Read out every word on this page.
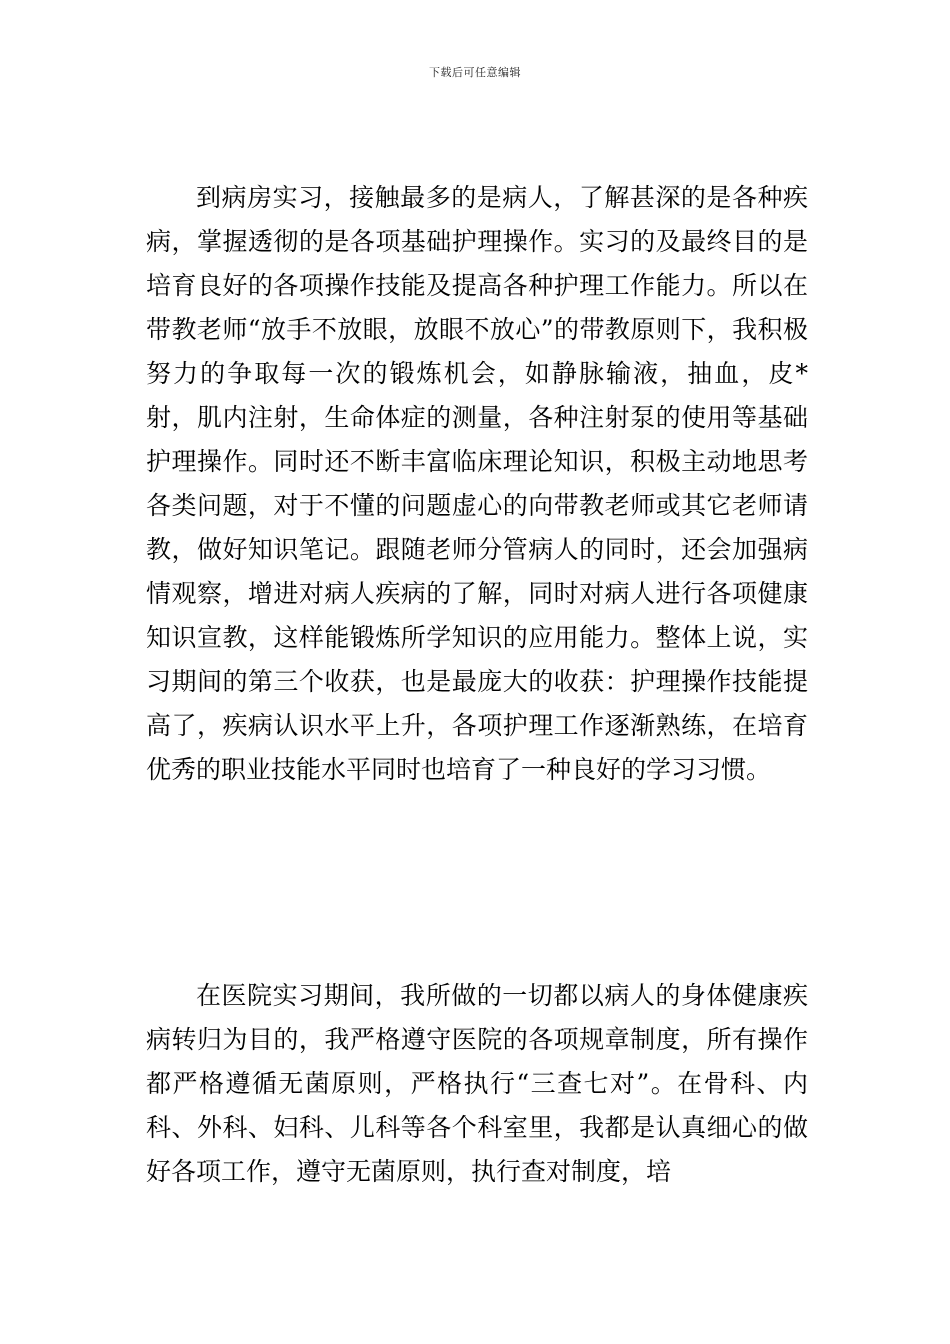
下载后可任意编辑

到病房实习，接触最多的是病人，了解甚深的是各种疾病，掌握透彻的是各项基础护理操作。实习的及最终目的是培育良好的各项操作技能及提高各种护理工作能力。所以在带教老师“放手不放眼，放眼不放心”的带教原则下，我积极努力的争取每一次的锻炼机会，如静脉输液，抽血，皮*射，肌内注射，生命体症的测量，各种注射泵的使用等基础护理操作。同时还不断丰富临床理论知识，积极主动地思考各类问题，对于不懂的问题虚心的向带教老师或其它老师请教，做好知识笔记。跟随老师分管病人的同时，还会加强病情观察，增进对病人疾病的了解，同时对病人进行各项健康知识宣教，这样能锻炼所学知识的应用能力。整体上说，实习期间的第三个收获，也是最庞大的收获：护理操作技能提高了，疾病认识水平上升，各项护理工作逐渐熟练，在培育优秀的职业技能水平同时也培育了一种良好的学习习惯。

在医院实习期间，我所做的一切都以病人的身体健康疾病转归为目的，我严格遵守医院的各项规章制度，所有操作都严格遵循无菌原则，严格执行“三查七对”。在骨科、内科、外科、妇科、儿科等各个科室里，我都是认真细心的做好各项工作，遵守无菌原则，执行查对制度，培
